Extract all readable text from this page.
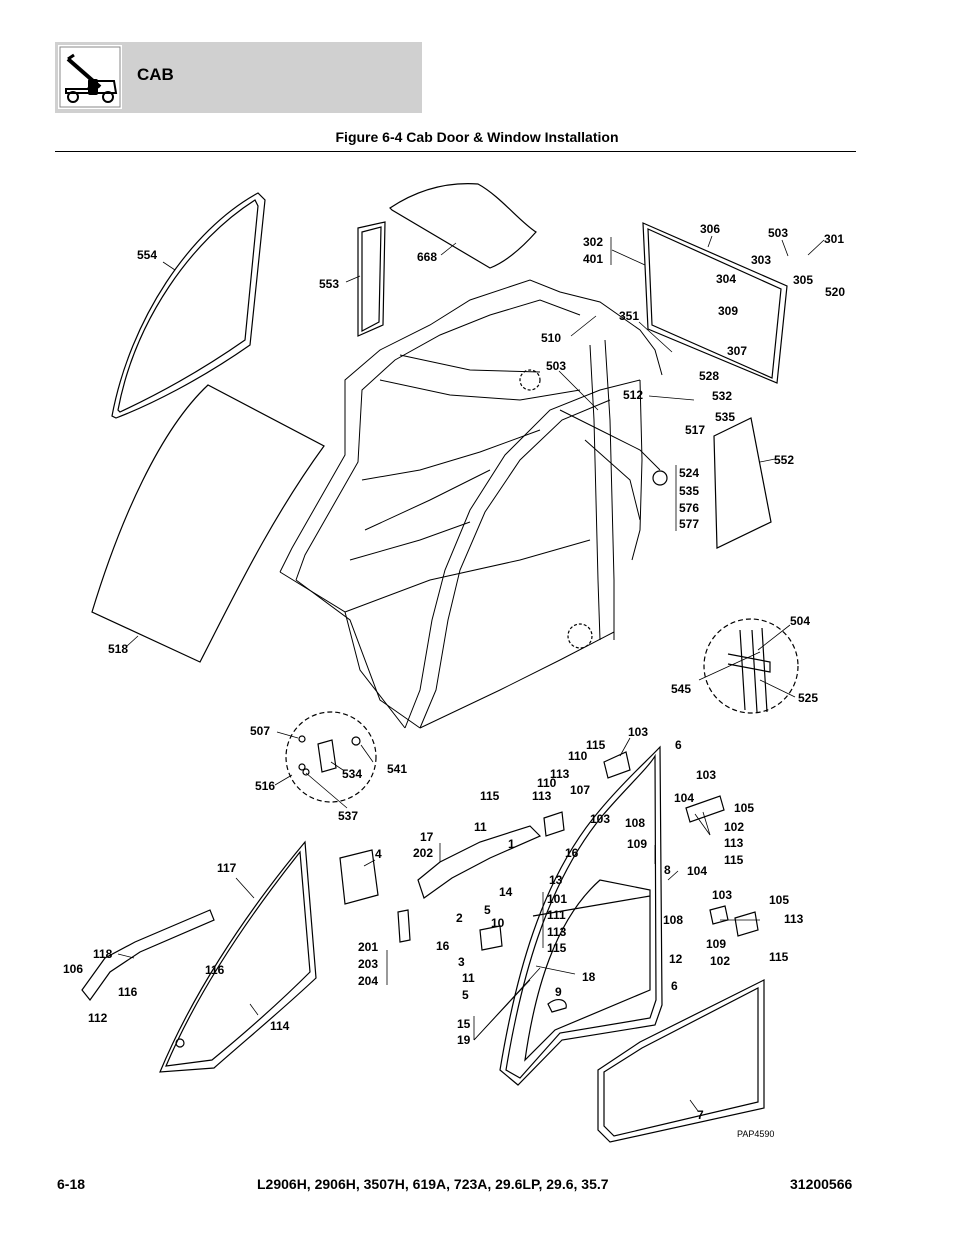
CAB
Figure 6-4 Cab Door & Window Installation
554
553
668
302
401
306	503	301
303
305
520
304
309
351
510
307
528
503
512	532
535
517
552
524
535
576
577
518
504
545
525
507
534 541
516
537
103
6
110
115
113
107
110
115	113
103
104
105
11
103 108	102
113
109
115
17
202
1
16
8
4
13
104
117
14	101
111
113
115
103	105
108	113
2
5
10
16
201
203
204
109
102	115
3	12
18
118
106	116
116
112
11
5	9	6
114	15
19
7
PAP4590
6-18	L2906H, 2906H, 3507H, 619A, 723A, 29.6LP, 29.6, 35.7	31200566
